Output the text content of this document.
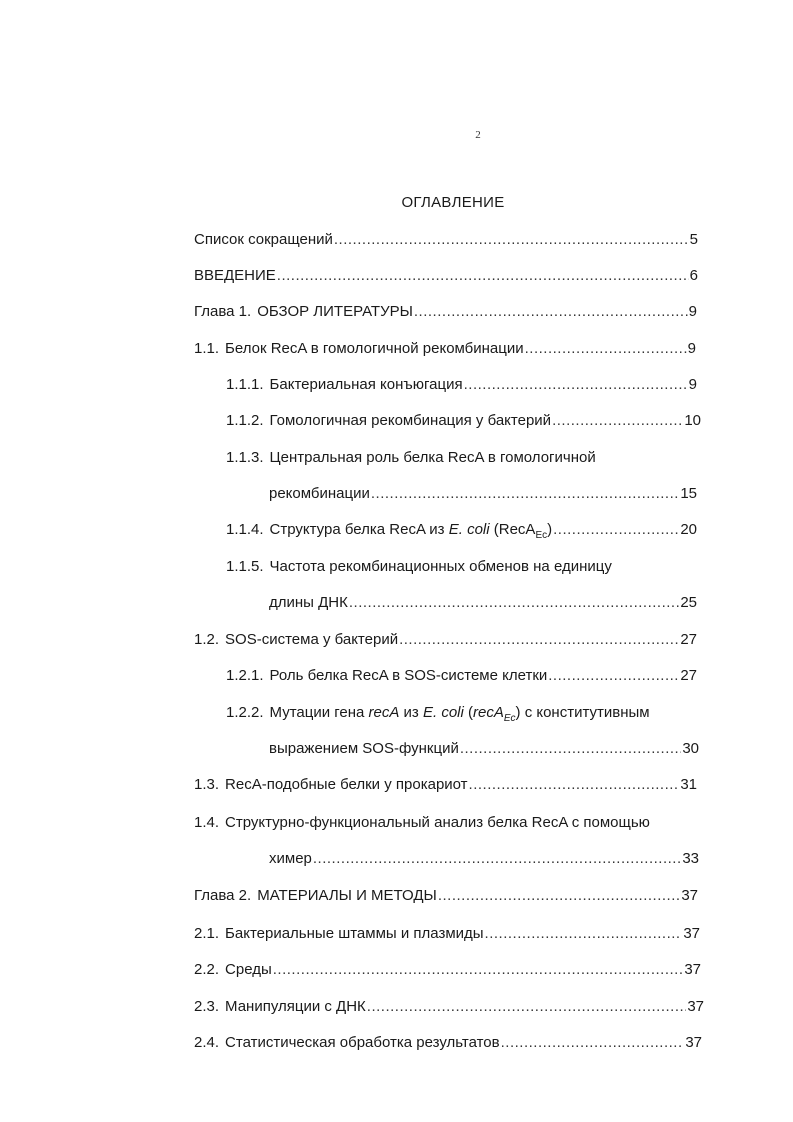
2
ОГЛАВЛЕНИЕ
Список сокращений .....	5
ВВЕДЕНИЕ .....	6
Глава 1. ОБЗОР ЛИТЕРАТУРЫ .....	9
1.1. Белок RecA в гомологичной рекомбинации .....	9
1.1.1. Бактериальная конъюгация .....	9
1.1.2. Гомологичная рекомбинация у бактерий .....	10
1.1.3. Центральная роль белка RecA в гомологичной
рекомбинации .....	15
1.1.4. Структура белка RecA из E. coli (RecA$_{Ec}$) .....	20
1.1.5. Частота рекомбинационных обменов на единицу
длины ДНК .....	25
1.2. SOS-система у бактерий .....	27
1.2.1. Роль белка RecA в SOS-системе клетки .....	27
1.2.2. Мутации гена recA из E. coli (recA$_{Ec}$) с конститутивным
выражением SOS-функций .....	30
1.3. RecA-подобные белки у прокариот .....	31
1.4. Структурно-функциональный анализ белка RecA с помощью
химер .....	33
Глава 2. МАТЕРИАЛЫ И МЕТОДЫ .....	37
2.1. Бактериальные штаммы и плазмиды .....	37
2.2. Среды .....	37
2.3. Манипуляции с ДНК .....	37
2.4. Статистическая обработка результатов .....	37
